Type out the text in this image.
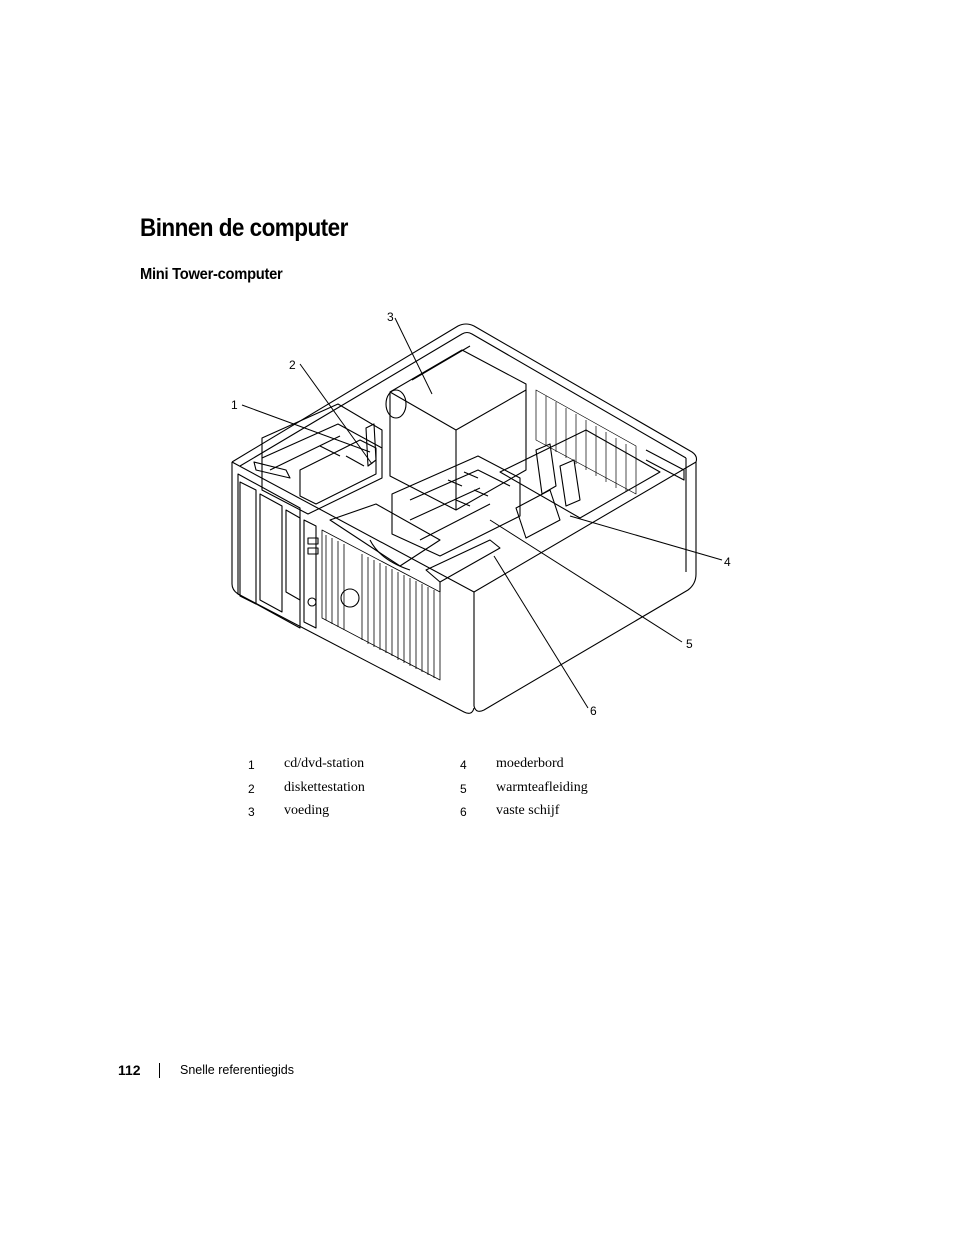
Binnen de computer
Mini Tower-computer
1
2
3
4
5
6
1 cd/dvd-station
2 diskettestation
3 voeding
4 moederbord
5 warmteafleiding
6 vaste schijf
112	Snelle referentiegids
